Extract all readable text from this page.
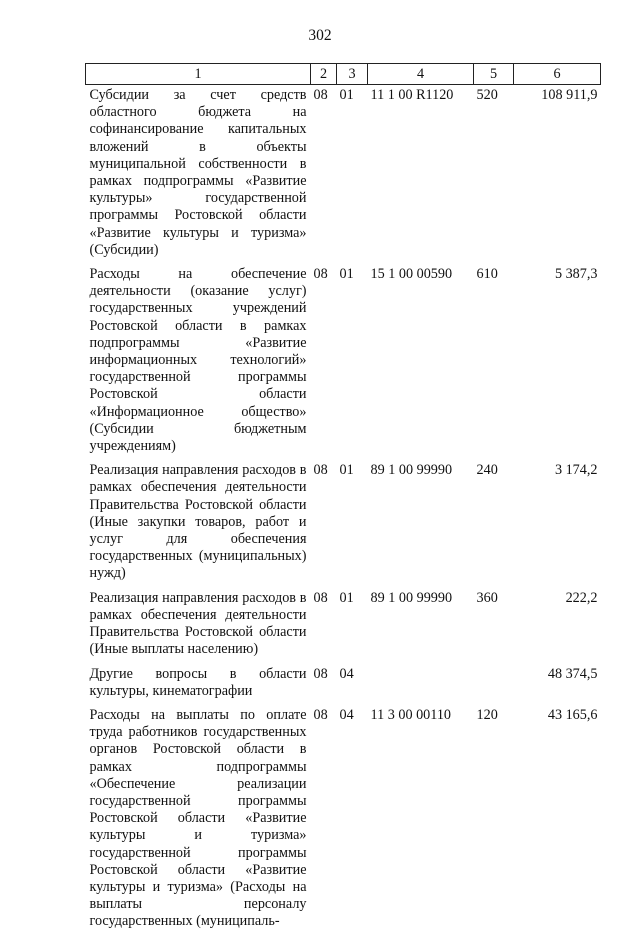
302
1	2	3	4	5	6
Субсидии за счет средств областного бюджета на софинансирование капитальных вложений в объекты муниципальной собственности в рамках подпрограммы «Развитие культуры» государственной программы Ростовской области «Развитие культуры и туризма» (Субсидии)	08	01	11 1 00 R1120	520	108 911,9
Расходы на обеспечение деятельности (оказание услуг) государственных учреждений Ростовской области в рамках подпрограммы «Развитие информационных технологий» государственной программы Ростовской области «Информационное общество» (Субсидии бюджетным учреждениям)	08	01	15 1 00 00590	610	5 387,3
Реализация направления расходов в рамках обеспечения деятельности Правительства Ростовской области (Иные закупки товаров, работ и услуг для обеспечения государственных (муниципальных) нужд)	08	01	89 1 00 99990	240	3 174,2
Реализация направления расходов в рамках обеспечения деятельности Правительства Ростовской области (Иные выплаты населению)	08	01	89 1 00 99990	360	222,2
Другие вопросы в области культуры, кинематографии	08	04			48 374,5
Расходы на выплаты по оплате труда работников государственных органов Ростовской области в рамках подпрограммы «Обеспечение реализации государственной программы Ростовской области «Развитие культуры и туризма» государственной программы Ростовской области «Развитие культуры и туризма» (Расходы на выплаты персоналу государственных (муниципаль-	08	04	11 3 00 00110	120	43 165,6
